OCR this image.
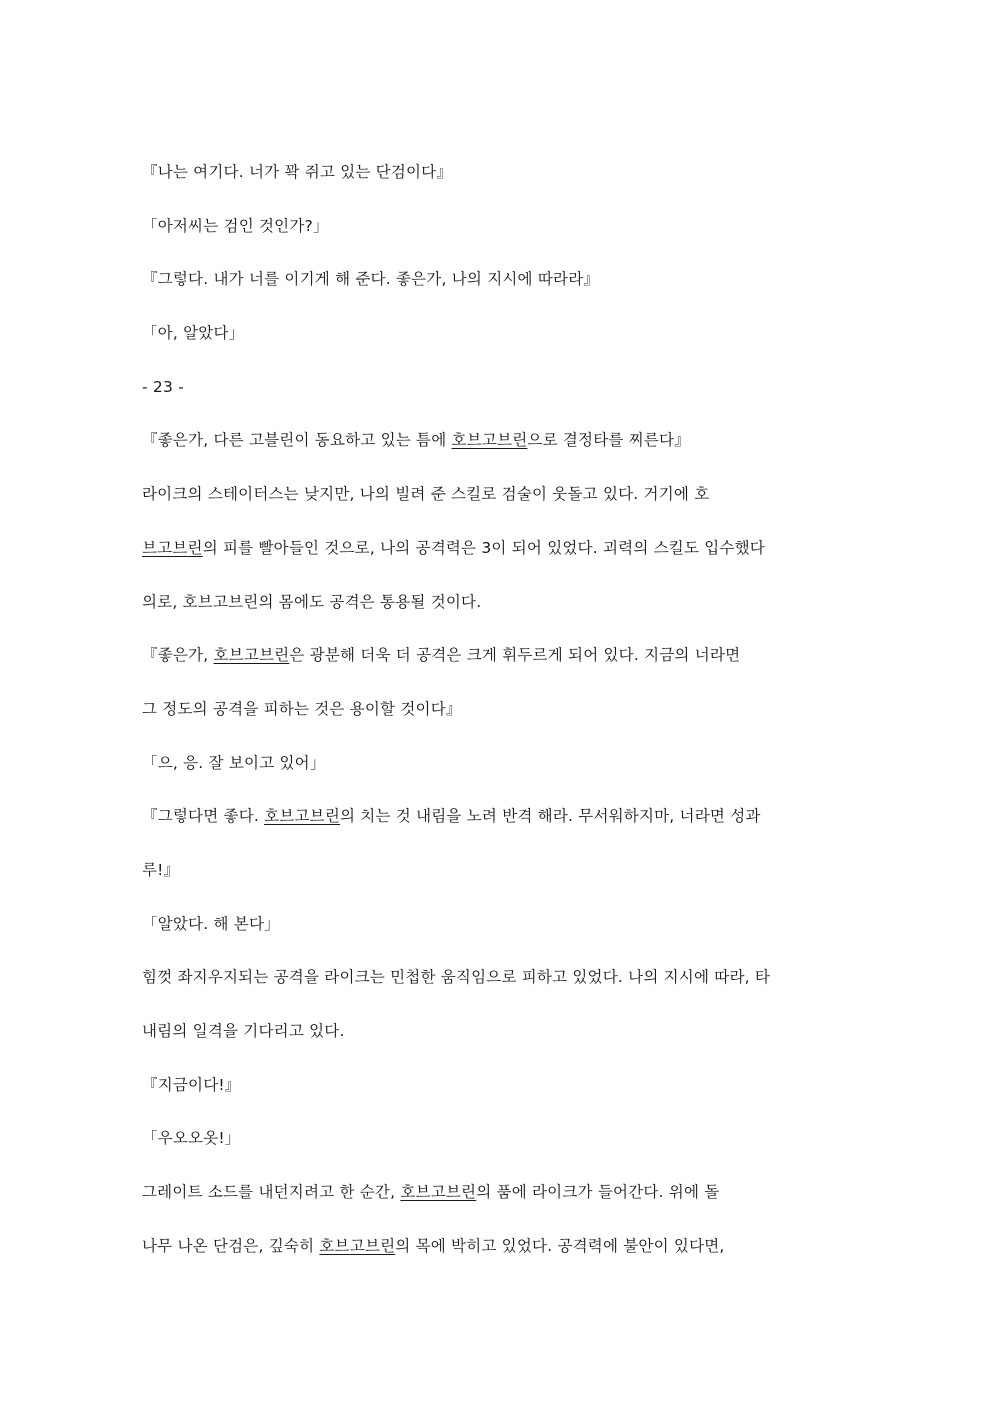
『나는 여기다. 너가 꽉 쥐고 있는 단검이다』
「아저씨는 검인 것인가?」
『그렇다. 내가 너를 이기게 해 준다. 좋은가, 나의 지시에 따라라』
「아, 알았다」
- 23 -
『좋은가, 다른 고블린이 동요하고 있는 틈에 호브고브린으로 결정타를 찌른다』
라이크의 스테이터스는 낮지만, 나의 빌려 준 스킬로 검술이 웃돌고 있다. 거기에 호
브고브린의 피를 빨아들인 것으로, 나의 공격력은 3이 되어 있었다. 괴력의 스킬도 입수했다
의로, 호브고브린의 몸에도 공격은 통용될 것이다.
『좋은가, 호브고브린은 광분해 더욱 더 공격은 크게 휘두르게 되어 있다. 지금의 너라면
그 정도의 공격을 피하는 것은 용이할 것이다』
「으, 응. 잘 보이고 있어」
『그렇다면 좋다. 호브고브린의 치는 것 내림을 노려 반격 해라. 무서워하지마, 너라면 성과
루!』
「알았다. 해 본다」
힘껏 좌지우지되는 공격을 라이크는 민첩한 움직임으로 피하고 있었다. 나의 지시에 따라, 타
내림의 일격을 기다리고 있다.
『지금이다!』
「우오오옷!」
그레이트 소드를 내던지려고 한 순간, 호브고브린의 품에 라이크가 들어간다. 위에 돌
나무 나온 단검은, 깊숙히 호브고브린의 목에 박히고 있었다. 공격력에 불안이 있다면,
